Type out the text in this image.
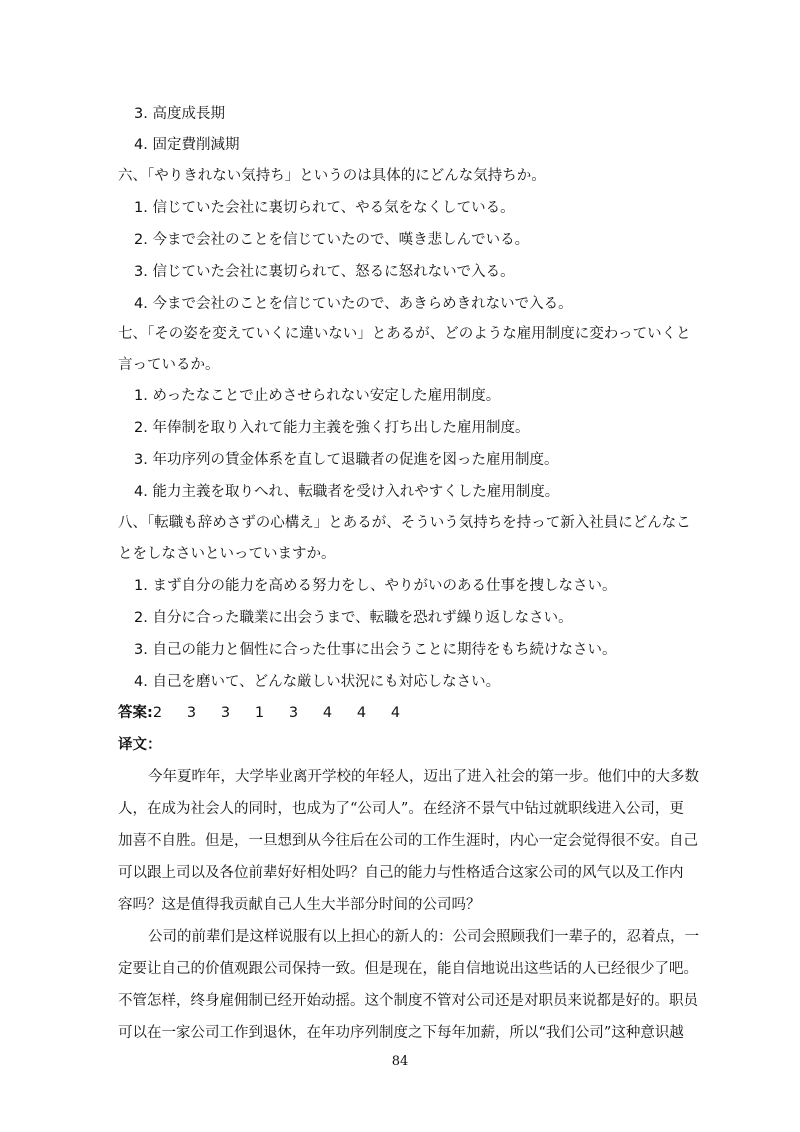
3. 高度成長期
4. 固定費削減期
六、「やりきれない気持ち」というのは具体的にどんな気持ちか。
1. 信じていた会社に裏切られて、やる気をなくしている。
2. 今まで会社のことを信じていたので、嘆き悲しんでいる。
3. 信じていた会社に裏切られて、怒るに怒れないで入る。
4. 今まで会社のことを信じていたので、あきらめきれないで入る。
七、「その姿を変えていくに違いない」とあるが、どのような雇用制度に変わっていくと
言っているか。
1. めったなことで止めさせられない安定した雇用制度。
2. 年俸制を取り入れて能力主義を強く打ち出した雇用制度。
3. 年功序列の賃金体系を直して退職者の促進を図った雇用制度。
4. 能力主義を取りへれ、転職者を受け入れやすくした雇用制度。
八、「転職も辞めさずの心構え」とあるが、そういう気持ちを持って新入社員にどんなこ
とをしなさいといっていますか。
1. まず自分の能力を高める努力をし、やりがいのある仕事を捜しなさい。
2. 自分に合った職業に出会うまで、転職を恐れず繰り返しなさい。
3. 自己の能力と個性に合った仕事に出会うことに期待をもち続けなさい。
4. 自己を磨いて、どんな厳しい状況にも対応しなさい。
答案:2 3 3 1 3 4 4 4
译文：
今年夏昨年，大学毕业离开学校的年轻人，迈出了进入社会的第一步。他们中的大多数
人，在成为社会人的同时，也成为了“公司人”。在经济不景气中钻过就职线进入公司，更
加喜不自胜。但是，一旦想到从今往后在公司的工作生涯时，内心一定会觉得很不安。自己
可以跟上司以及各位前辈好好相处吗？自己的能力与性格适合这家公司的风气以及工作内
容吗？这是值得我贡献自己人生大半部分时间的公司吗？
公司的前辈们是这样说服有以上担心的新人的：公司会照顾我们一辈子的，忍着点，一
定要让自己的价值观跟公司保持一致。但是现在，能自信地说出这些话的人已经很少了吧。
不管怎样，终身雇佣制已经开始动摇。这个制度不管对公司还是对职员来说都是好的。职员
可以在一家公司工作到退休，在年功序列制度之下每年加薪，所以“我们公司”这种意识越
84
